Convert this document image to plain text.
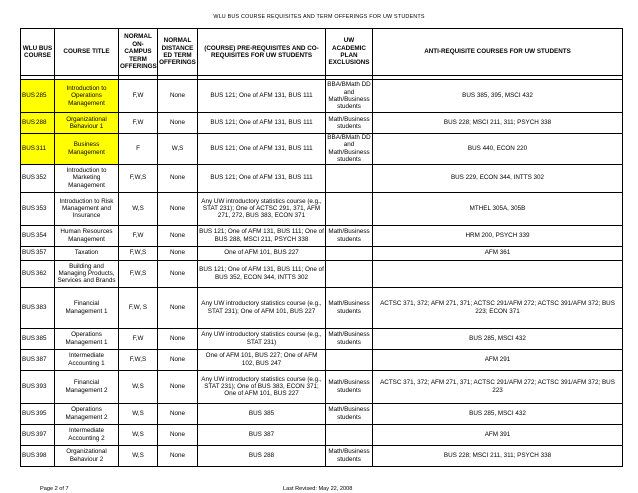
WLU BUS COURSE REQUISITES AND TERM OFFERINGS FOR UW STUDENTS
WLU BUS COURSE	COURSE TITLE	NORMAL ON-CAMPUS TERM OFFERINGS	NORMAL DISTANCE ED TERM OFFERINGS	(COURSE) PRE-REQUISITES AND CO-REQUISITES FOR UW STUDENTS	UW ACADEMIC PLAN EXCLUSIONS	ANTI-REQUISITE COURSES FOR UW STUDENTS

BUS285	Introduction to Operations Management	F,W	None	BUS 121; One of AFM 131, BUS 111	BBA/BMath DD and Math/Business students	BUS 385, 395, MSCI 432
BUS288	Organizational Behaviour 1	F,W	None	BUS 121; One of AFM 131, BUS 111	Math/Business students	BUS 228; MSCI 211, 311; PSYCH 338
BUS311	Business Management	F	W,S	BUS 121; One of AFM 131, BUS 111	BBA/BMath DD and Math/Business students	BUS 440, ECON 220
BUS352	Introduction to Marketing Management	F,W,S	None	BUS 121; One of AFM 131, BUS 111		BUS 229, ECON 344, INTTS 302
BUS353	Introduction to Risk Management and Insurance	W,S	None	Any UW introductory statistics course (e.g., STAT 231); One of ACTSC 291, 371, AFM 271, 272, BUS 383, ECON 371		MTHEL 305A, 305B
BUS354	Human Resources Management	F,W	None	BUS 121; One of AFM 131, BUS 111; One of BUS 288, MSCI 211, PSYCH 338	Math/Business students	HRM 200, PSYCH 339
BUS357	Taxation	F,W,S	None	One of AFM 101, BUS 227		AFM 361
BUS362	Building and Managing Products, Services and Brands	F,W,S	None	BUS 121; One of AFM 131, BUS 111; One of BUS 352, ECON 344, INTTS 302		
BUS383	Financial Management 1	F,W, S	None	Any UW introductory statistics course (e.g., STAT 231); One of AFM 101, BUS 227	Math/Business students	ACTSC 371, 372; AFM 271, 371; ACTSC 291/AFM 272; ACTSC 391/AFM 372; BUS 223; ECON 371
BUS385	Operations Management 1	F,W	None	Any UW introductory statistics course (e.g., STAT 231)	Math/Business students	BUS 285, MSCI 432
BUS387	Intermediate Accounting 1	F,W,S	None	One of AFM 101, BUS 227; One of AFM 102, BUS 247		AFM 291
BUS393	Financial Management 2	W,S	None	Any UW introductory statistics course (e.g., STAT 231); One of BUS 383, ECON 371; One of AFM 101, BUS 227	Math/Business students	ACTSC 371, 372; AFM 271, 371; ACTSC 291/AFM 272; ACTSC 391/AFM 372; BUS 223
BUS395	Operations Management 2	W,S	None	BUS 385	Math/Business students	BUS 285, MSCI 432
BUS397	Intermediate Accounting 2	W,S	None	BUS 387		AFM 391
BUS398	Organizational Behaviour 2	W,S	None	BUS 288	Math/Business students	BUS 228; MSCI 211, 311; PSYCH 338
Page 2 of 7	Last Revised: May 22, 2008
